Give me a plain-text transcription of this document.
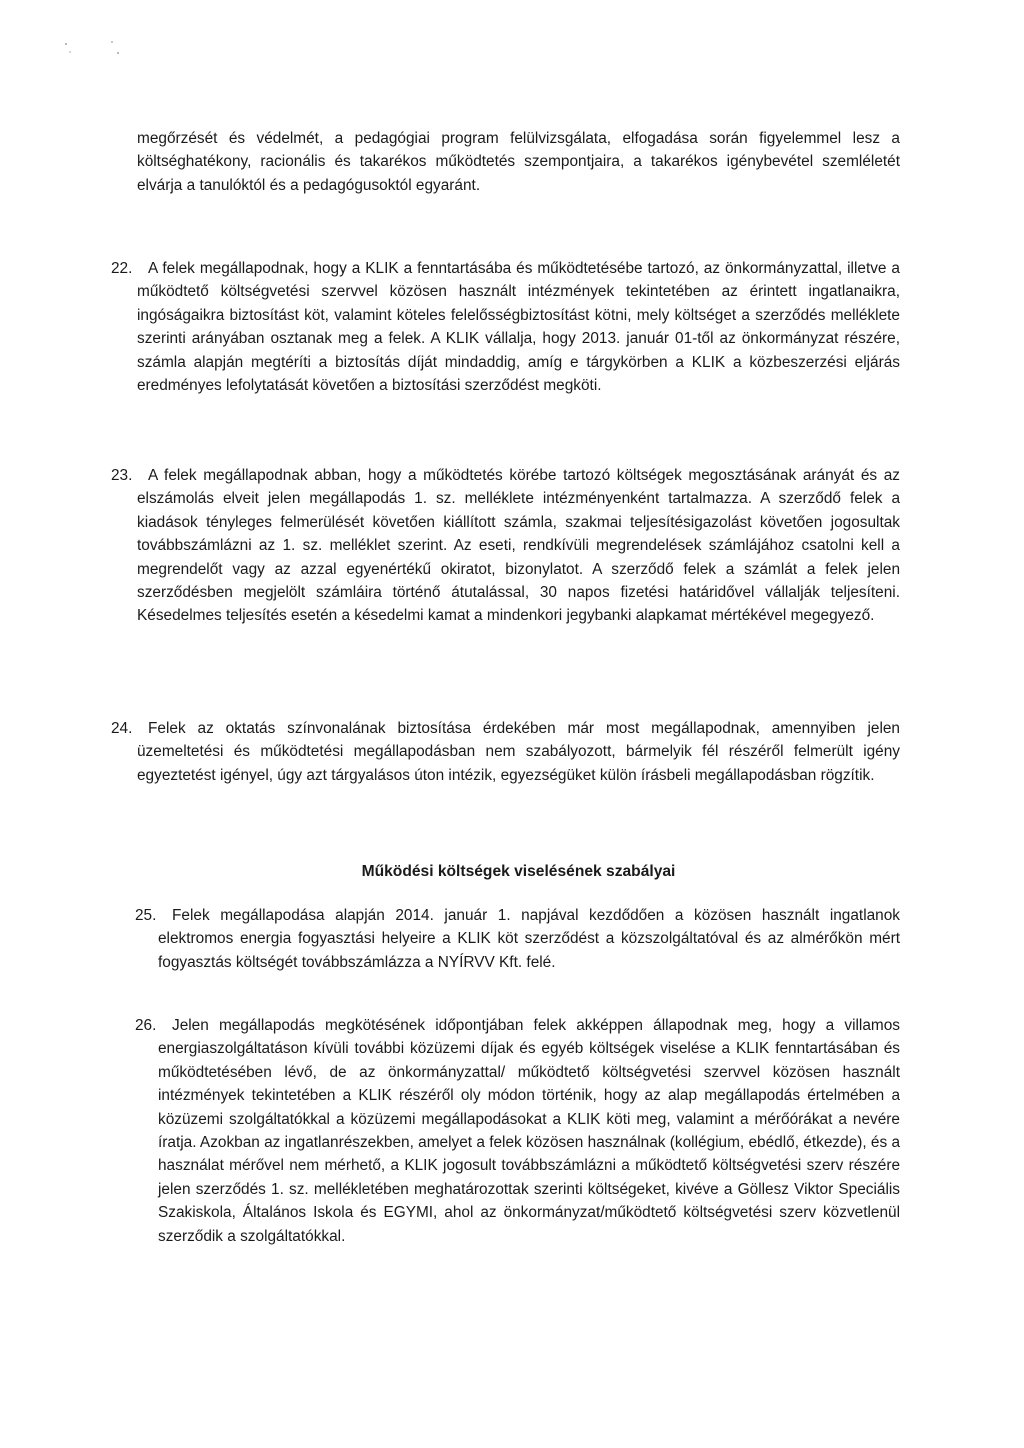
megőrzését és védelmét, a pedagógiai program felülvizsgálata, elfogadása során figyelemmel lesz a költséghatékony, racionális és takarékos működtetés szempontjaira, a takarékos igénybevétel szemléletét elvárja a tanulóktól és a pedagógusoktól egyaránt.

22.	A felek megállapodnak, hogy a KLIK a fenntartásába és működtetésébe tartozó, az önkormányzattal, illetve a működtető költségvetési szervvel közösen használt intézmények tekintetében az érintett ingatlanaikra, ingóságaikra biztosítást köt, valamint köteles felelősségbiztosítást kötni, mely költséget a szerződés melléklete szerinti arányában osztanak meg a felek. A KLIK vállalja, hogy 2013. január 01-től az önkormányzat részére, számla alapján megtéríti a biztosítás díját mindaddig, amíg e tárgykörben a KLIK a közbeszerzési eljárás eredményes lefolytatását követően a biztosítási szerződést megköti.

23.	A felek megállapodnak abban, hogy a működtetés körébe tartozó költségek megosztásának arányát és az elszámolás elveit jelen megállapodás 1. sz. melléklete intézményenként tartalmazza. A szerződő felek a kiadások tényleges felmerülését követően kiállított számla, szakmai teljesítésigazolást követően jogosultak továbbszámlázni az 1. sz. melléklet szerint. Az eseti, rendkívüli megrendelések számlájához csatolni kell a megrendelőt vagy az azzal egyenértékű okiratot, bizonylatot. A szerződő felek a számlát a felek jelen szerződésben megjelölt számláira történő átutalással, 30 napos fizetési határidővel vállalják teljesíteni. Késedelmes teljesítés esetén a késedelmi kamat a mindenkori jegybanki alapkamat mértékével megegyező.

24.	Felek az oktatás színvonalának biztosítása érdekében már most megállapodnak, amennyiben jelen üzemeltetési és működtetési megállapodásban nem szabályozott, bármelyik fél részéről felmerült igény egyeztetést igényel, úgy azt tárgyalásos úton intézik, egyezségüket külön írásbeli megállapodásban rögzítik.

Működési költségek viselésének szabályai
25.	Felek megállapodása alapján 2014. január 1. napjával kezdődően a közösen használt ingatlanok elektromos energia fogyasztási helyeire a KLIK köt szerződést a közszolgáltatóval és az almérőkön mért fogyasztás költségét továbbszámlázza a NYÍRVV Kft. felé.

26.	Jelen megállapodás megkötésének időpontjában felek akképpen állapodnak meg, hogy a villamos energiaszolgáltatáson kívüli további közüzemi díjak és egyéb költségek viselése a KLIK fenntartásában és működtetésében lévő, de az önkormányzattal/ működtető költségvetési szervvel közösen használt intézmények tekintetében a KLIK részéről oly módon történik, hogy az alap megállapodás értelmében a közüzemi szolgáltatókkal a közüzemi megállapodásokat a KLIK köti meg, valamint a mérőórákat a nevére íratja. Azokban az ingatlanrészekben, amelyet a felek közösen használnak (kollégium, ebédlő, étkezde), és a használat mérővel nem mérhető, a KLIK jogosult továbbszámlázni a működtető költségvetési szerv részére jelen szerződés 1. sz. mellékletében meghatározottak szerinti költségeket, kivéve a Göllesz Viktor Speciális Szakiskola, Általános Iskola és EGYMI, ahol az önkormányzat/működtető költségvetési szerv közvetlenül szerződik a szolgáltatókkal.
